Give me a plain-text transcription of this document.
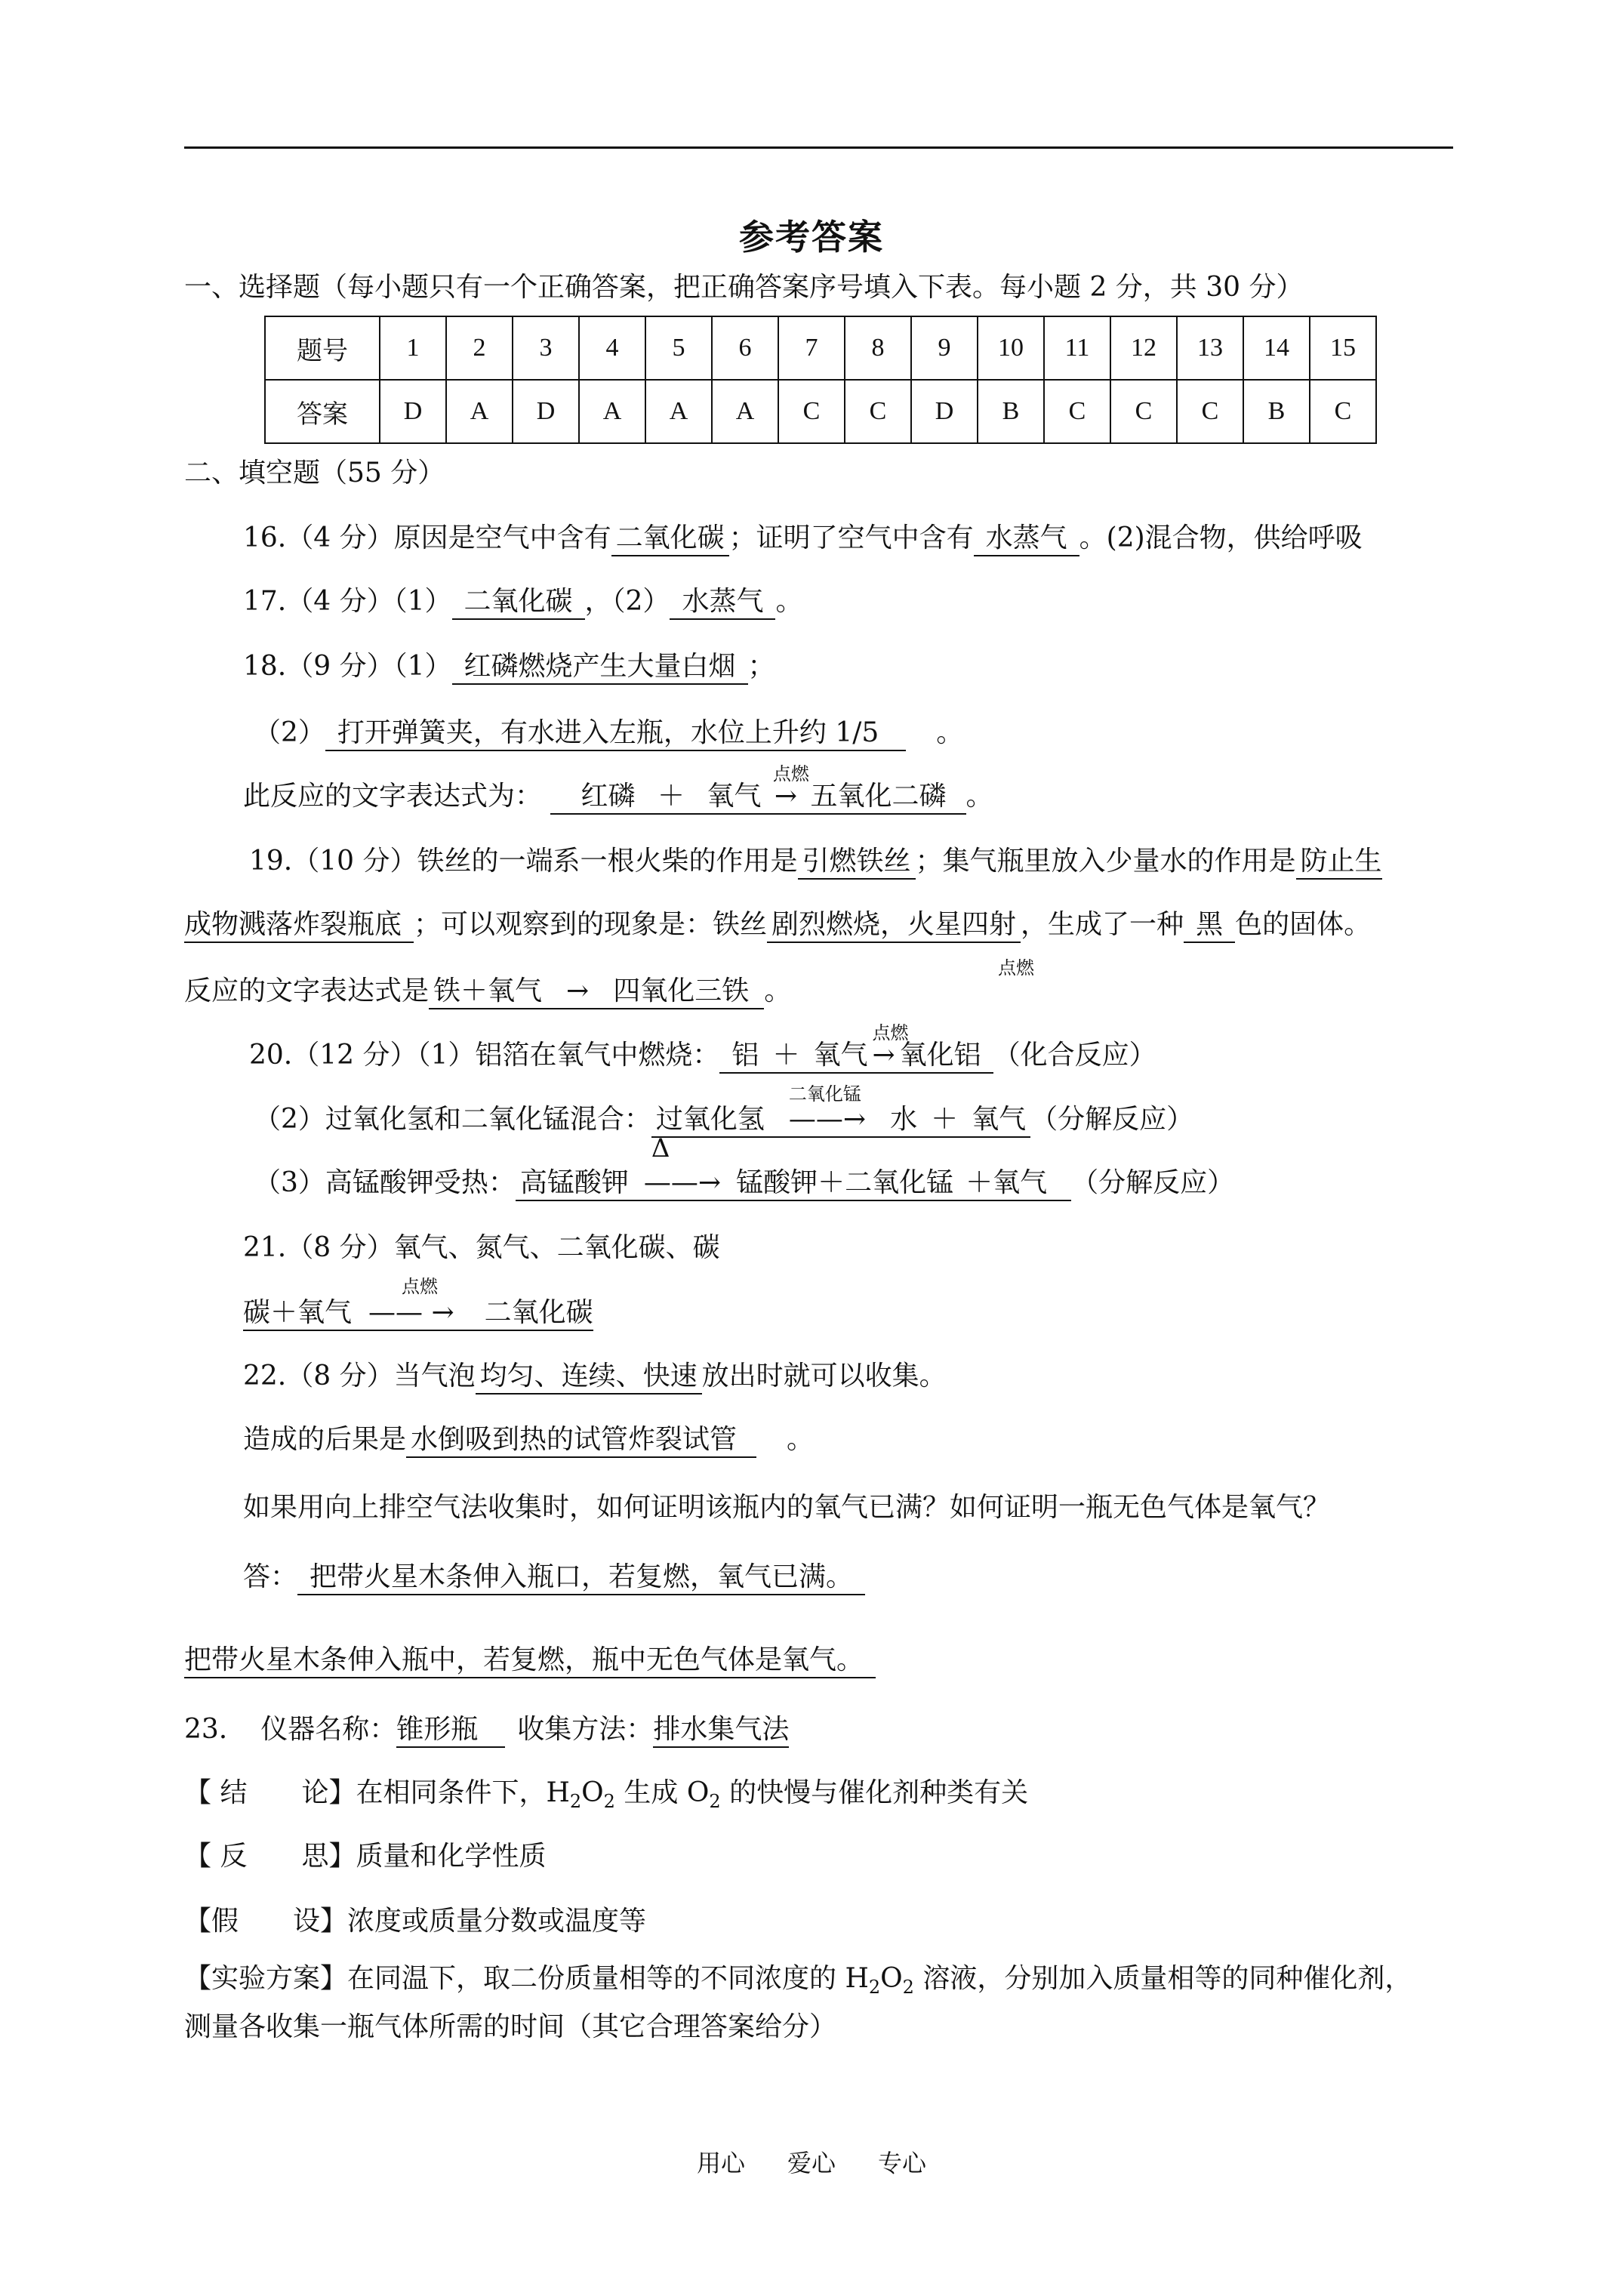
参考答案
一、选择题（每小题只有一个正确答案，把正确答案序号填入下表。每小题 2 分，共 30 分）
题号	1	2	3	4	5	6	7	8	9	10	11	12	13	14	15
答案	D	A	D	A	A	A	C	C	D	B	C	C	C	B	C
二、填空题（55 分）
16.（4 分）原因是空气中含有 二氧化碳 ；证明了空气中含有 水蒸气 。(2)混合物，供给呼吸
17.（4 分）（1） 二氧化碳 ，（2） 水蒸气 。
18.（9 分）（1） 红磷燃烧产生大量白烟 ；
（2） 打开弹簧夹，有水进入左瓶，水位上升约 1/5 。
此反应的文字表达式为： 红磷 ＋ 氧气
点燃
→ 五氧化二磷 。
19.（10 分）铁丝的一端系一根火柴的作用是 引燃铁丝 ；集气瓶里放入少量水的作用是 防止生
成物溅落炸裂瓶底 ；可以观察到的现象是：铁丝 剧烈燃烧，火星四射 ，生成了一种 黑 色的固体。
点燃
反应的文字表达式是 铁＋氧气 → 四氧化三铁 。
20.（12 分）（1）铝箔在氧气中燃烧： 铝 ＋ 氧气
点燃
→ 氧化铝 （化合反应）
（2）过氧化氢和二氧化锰混合： 过氧化氢
二氧化锰
——→ 水 ＋ 氧气 （分解反应）
（3）高锰酸钾受热： 高锰酸钾
Δ
——→ 锰酸钾＋二氧化锰 ＋氧气 （分解反应）
21.（8 分）氧气、氮气、二氧化碳、碳
点燃
碳＋氧气 —— → 二氧化碳
22.（8 分）当气泡 均匀、连续、快速 放出时就可以收集。
造成的后果是 水倒吸到热的试管炸裂试管 。
如果用向上排空气法收集时，如何证明该瓶内的氧气已满？如何证明一瓶无色气体是氧气？
答： 把带火星木条伸入瓶口，若复燃，氧气已满。
把带火星木条伸入瓶中，若复燃，瓶中无色气体是氧气。
23. 仪器名称：锥形瓶 收集方法：排水集气法
【 结　　论】在相同条件下，$H_2O_2$ 生成 $O_2$ 的快慢与催化剂种类有关
【 反　　思】质量和化学性质
【假　　设】浓度或质量分数或温度等
【实验方案】在同温下，取二份质量相等的不同浓度的 $H_2O_2$ 溶液，分别加入质量相等的同种催化剂，
测量各收集一瓶气体所需的时间（其它合理答案给分）
用心 爱心 专心
